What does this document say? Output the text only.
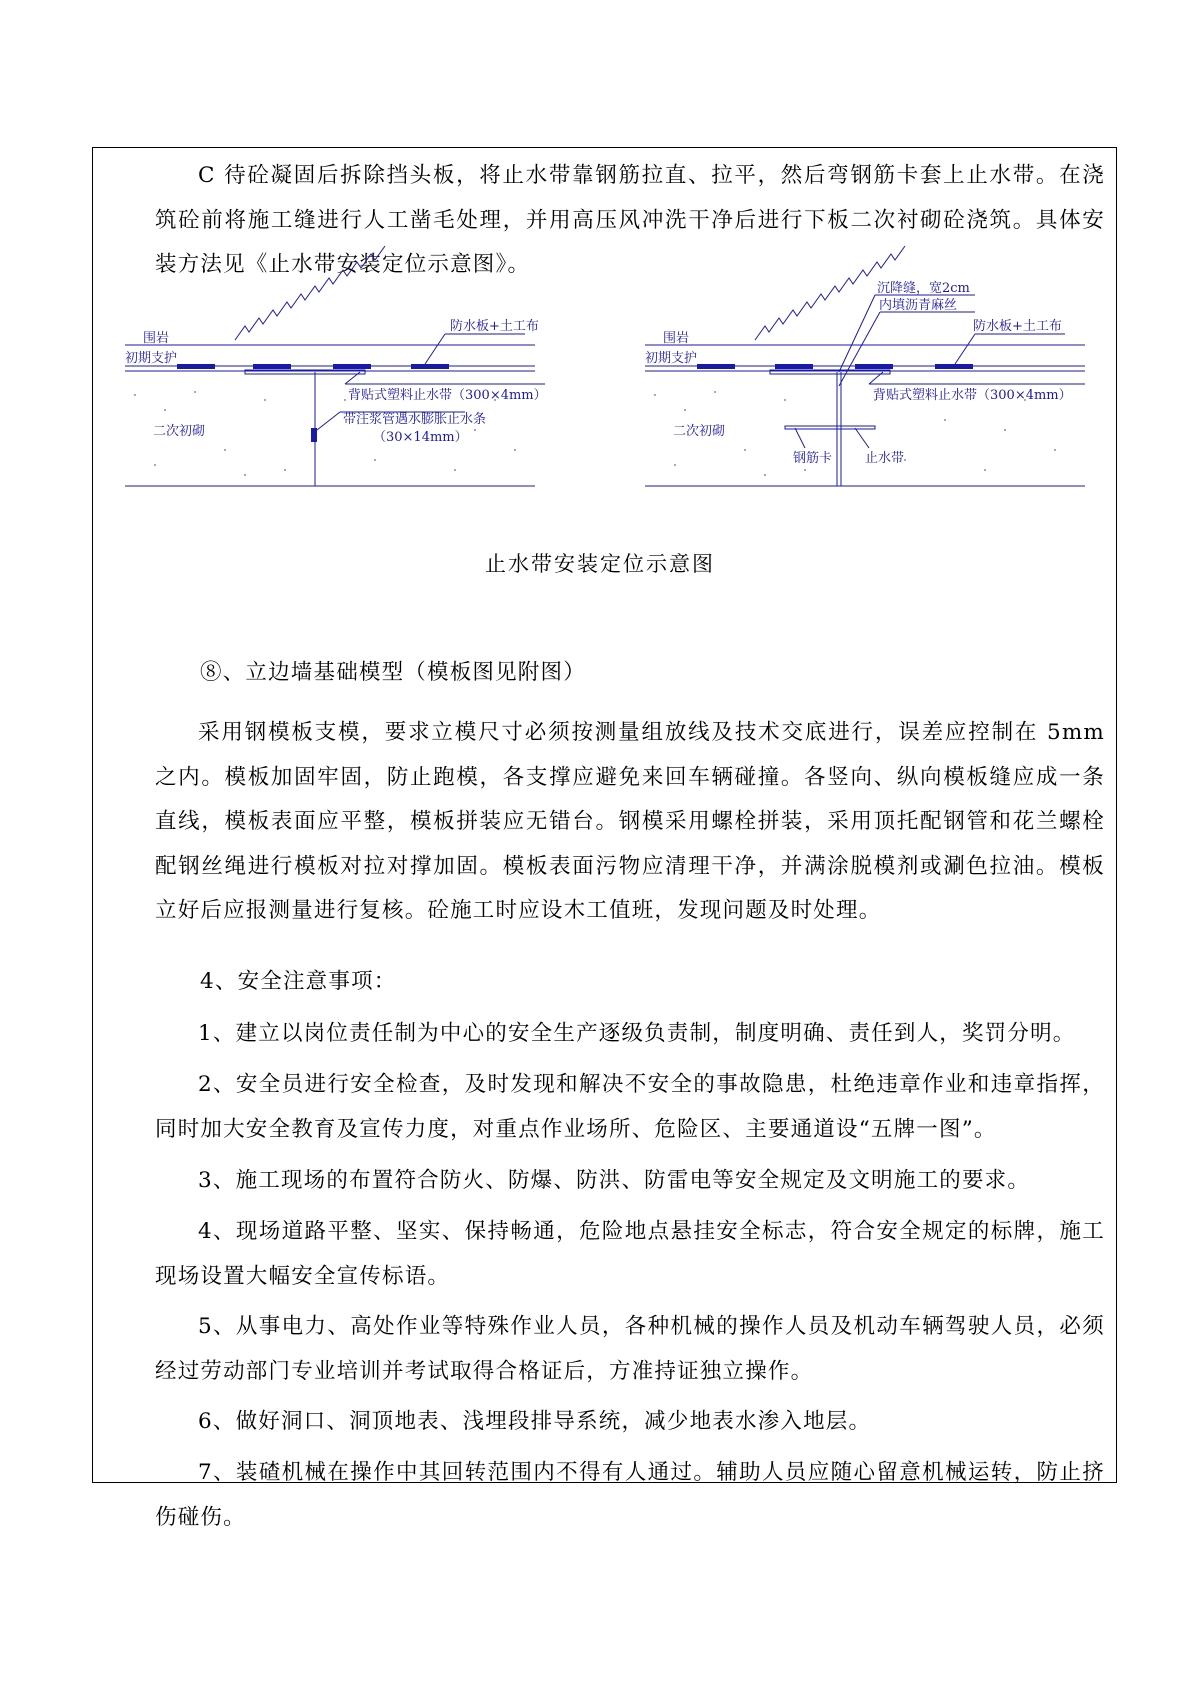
C 待砼凝固后拆除挡头板，将止水带靠钢筋拉直、拉平，然后弯钢筋卡套上止水带。在浇筑砼前将施工缝进行人工凿毛处理，并用高压风冲洗干净后进行下板二次衬砌砼浇筑。具体安装方法见《止水带安装定位示意图》。

围岩
初期支护
防水板+土工布
背贴式塑料止水带（300×4mm）
带注浆管遇水膨胀止水条
（30×14mm）
二次初砌
沉降缝，宽2cm
内填沥青麻丝
围岩
防水板+土工布
初期支护
背贴式塑料止水带（300×4mm）
二次初砌
钢筋卡	止水带

止水带安装定位示意图

⑧、立边墙基础模型（模板图见附图）

采用钢模板支模，要求立模尺寸必须按测量组放线及技术交底进行，误差应控制在 5mm 之内。模板加固牢固，防止跑模，各支撑应避免来回车辆碰撞。各竖向、纵向模板缝应成一条直线，模板表面应平整，模板拼装应无错台。钢模采用螺栓拼装，采用顶托配钢管和花兰螺栓配钢丝绳进行模板对拉对撑加固。模板表面污物应清理干净，并满涂脱模剂或涮色拉油。模板立好后应报测量进行复核。砼施工时应设木工值班，发现问题及时处理。

4、安全注意事项：

1、建立以岗位责任制为中心的安全生产逐级负责制，制度明确、责任到人，奖罚分明。

2、安全员进行安全检查，及时发现和解决不安全的事故隐患，杜绝违章作业和违章指挥，同时加大安全教育及宣传力度，对重点作业场所、危险区、主要通道设“五牌一图”。

3、施工现场的布置符合防火、防爆、防洪、防雷电等安全规定及文明施工的要求。

4、现场道路平整、坚实、保持畅通，危险地点悬挂安全标志，符合安全规定的标牌，施工现场设置大幅安全宣传标语。

5、从事电力、高处作业等特殊作业人员，各种机械的操作人员及机动车辆驾驶人员，必须经过劳动部门专业培训并考试取得合格证后，方准持证独立操作。

6、做好洞口、洞顶地表、浅埋段排导系统，减少地表水渗入地层。

7、装碴机械在操作中其回转范围内不得有人通过。辅助人员应随心留意机械运转，防止挤伤碰伤。
